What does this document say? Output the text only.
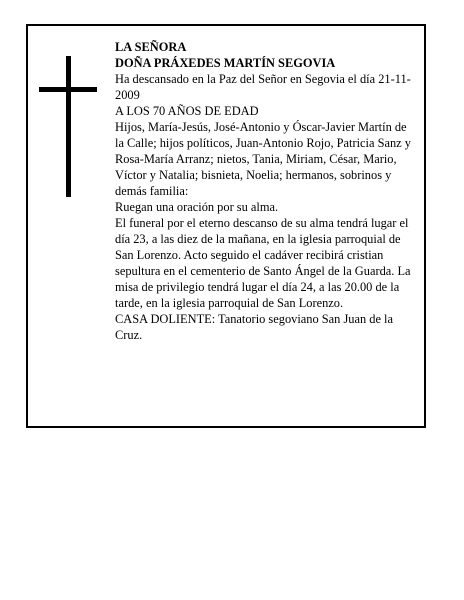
LA SEÑORA

DOÑA PRÁXEDES MARTÍN SEGOVIA

Ha descansado en la Paz del Señor en Segovia el día 21-11-2009

A LOS 70 AÑOS DE EDAD

Hijos, María-Jesús, José-Antonio y Óscar-Javier Martín de la Calle; hijos políticos, Juan-Antonio Rojo, Patricia Sanz y Rosa-María Arranz; nietos, Tania, Miriam, César, Mario, Víctor y Natalia; bisnieta, Noelia; hermanos, sobrinos y demás familia:

Ruegan una oración por su alma.

El funeral por el eterno descanso de su alma tendrá lugar el día 23, a las diez de la mañana, en la iglesia parroquial de San Lorenzo. Acto seguido el cadáver recibirá cristian sepultura en el cementerio de Santo Ángel de la Guarda. La misa de privilegio tendrá lugar el día 24, a las 20.00 de la tarde, en la iglesia parroquial de San Lorenzo.

CASA DOLIENTE: Tanatorio segoviano San Juan de la Cruz.
